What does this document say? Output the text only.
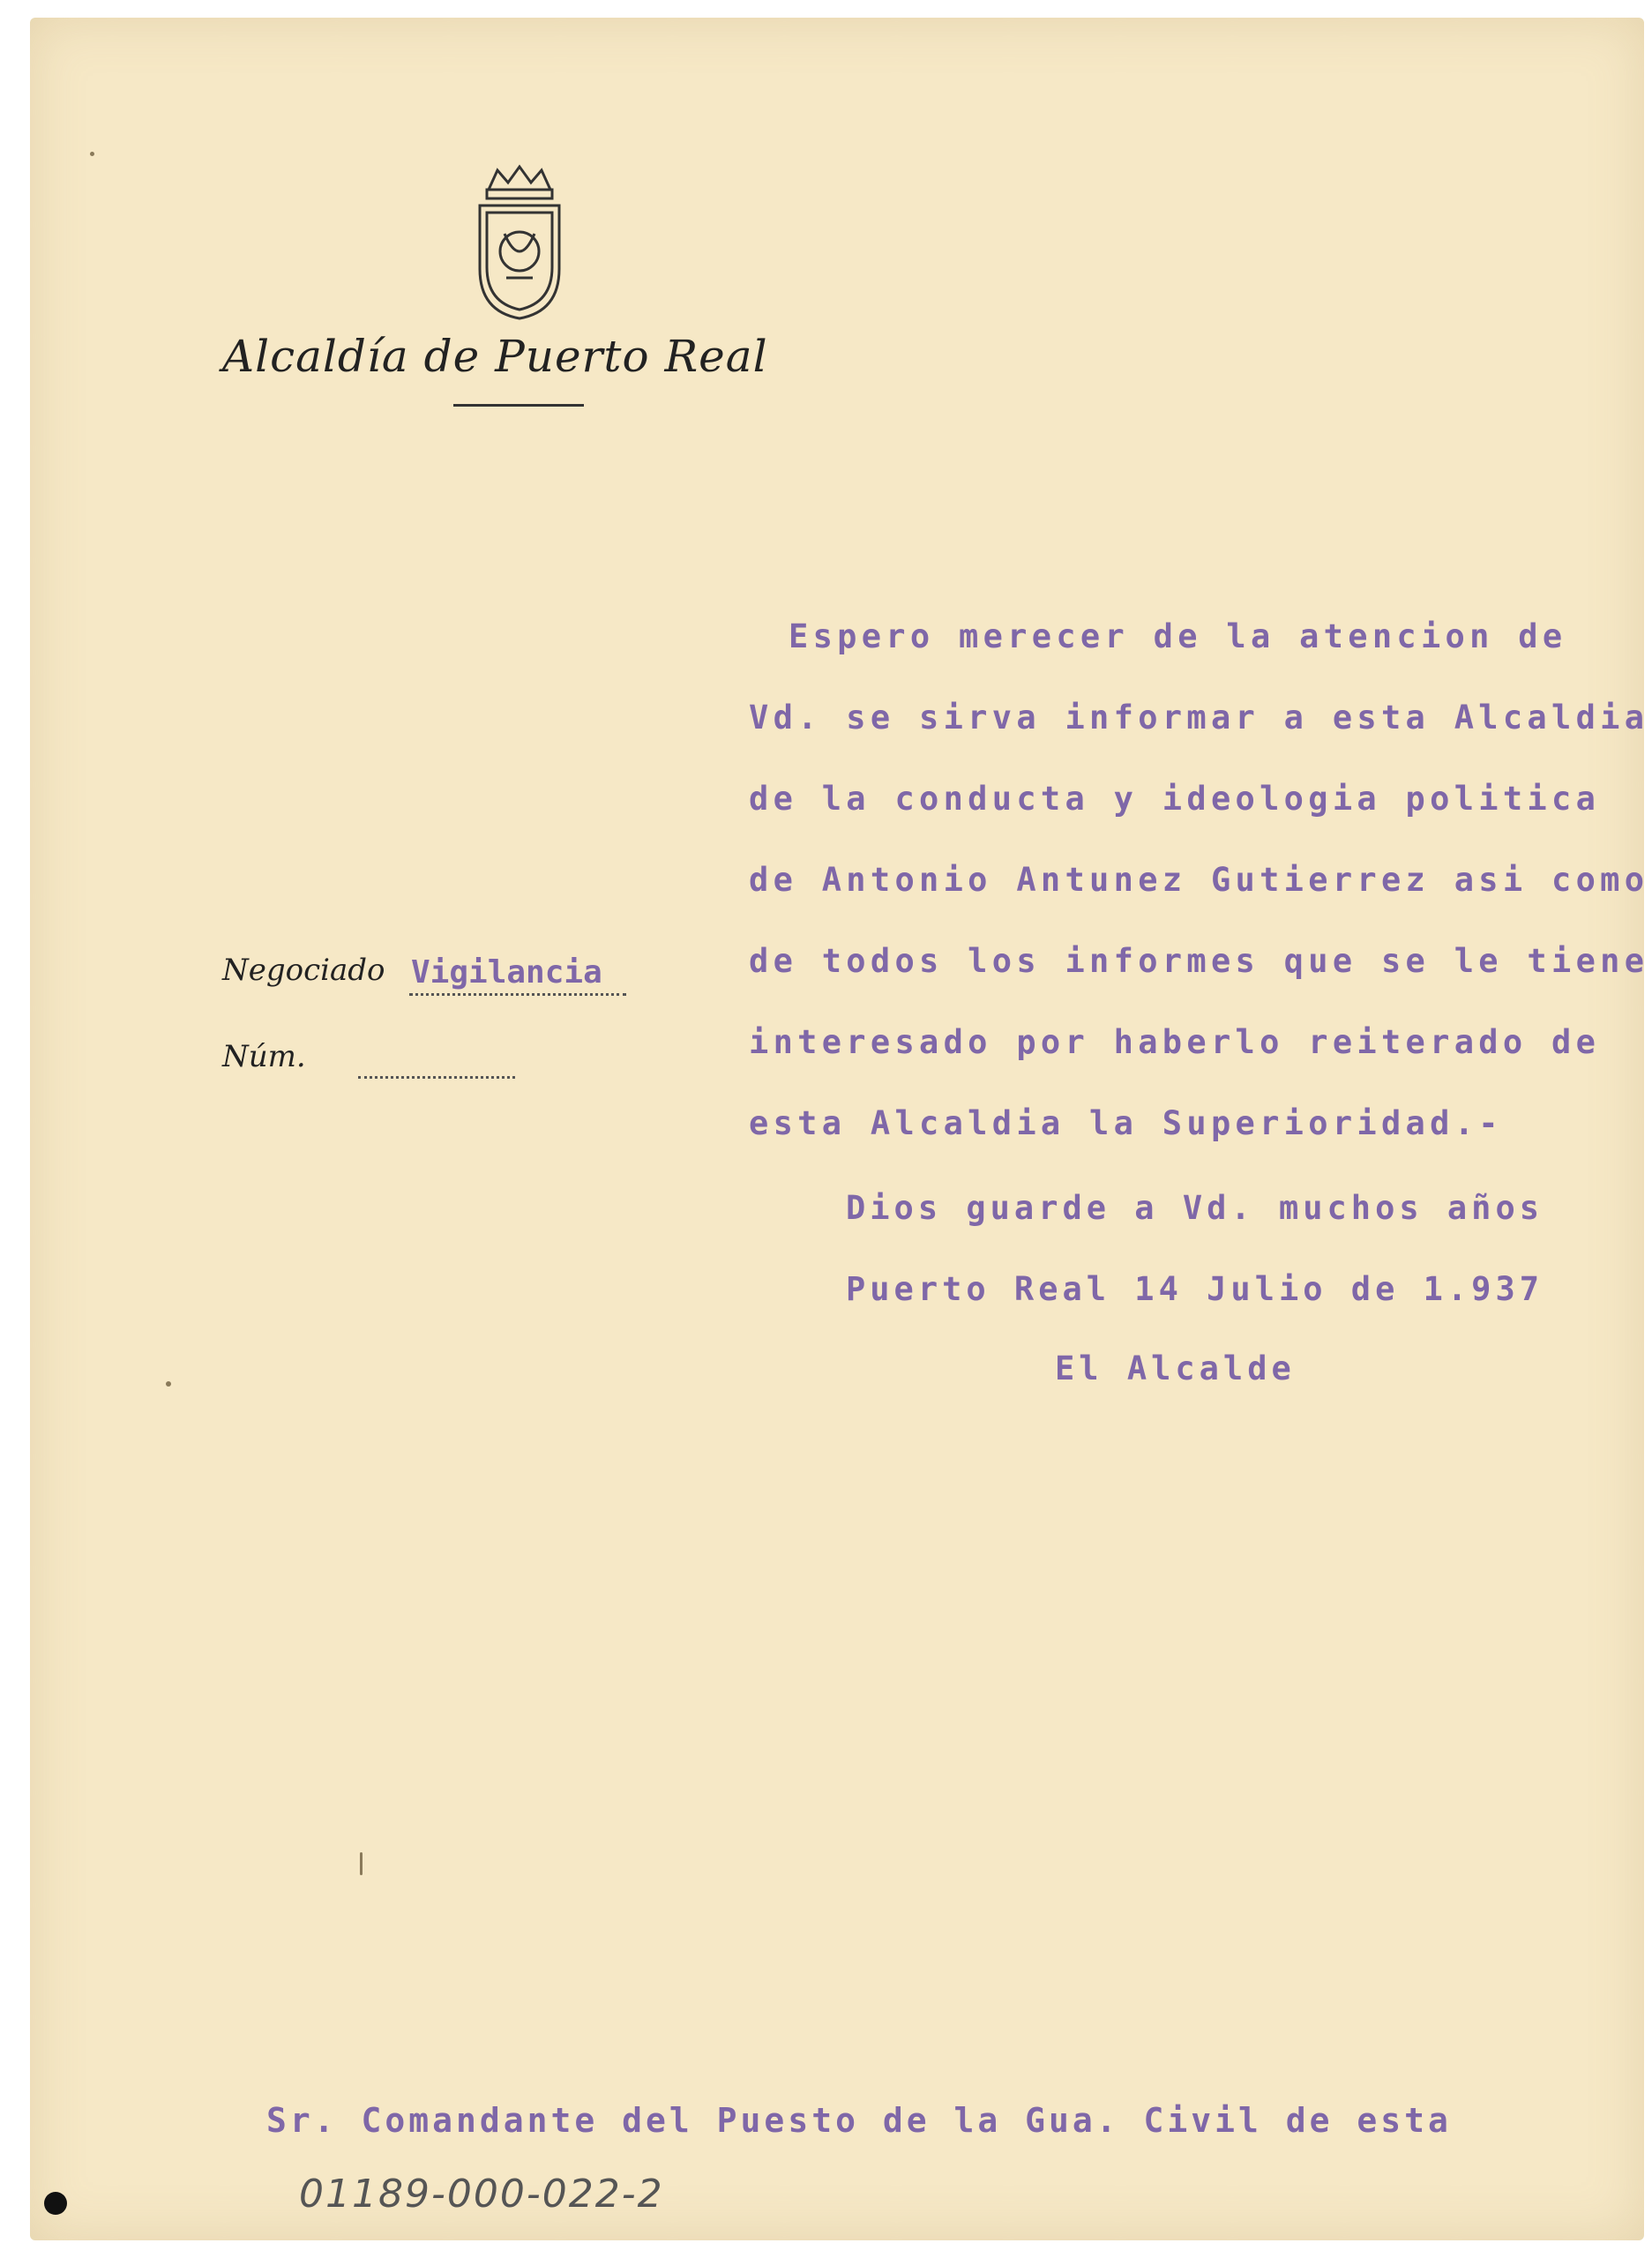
Alcaldía de Puerto Real
Negociado Vigilancia
Núm.
Espero merecer de la atencion de
Vd. se sirva informar a esta Alcaldia
de la conducta y ideologia politica
de Antonio Antunez Gutierrez asi como
de todos los informes que se le tiene
interesado por haberlo reiterado de
esta Alcaldia la Superioridad.-
Dios guarde a Vd. muchos años
Puerto Real 14 Julio de 1.937
El Alcalde
Sr. Comandante del Puesto de la Gua. Civil de esta
01189-000-022-2
